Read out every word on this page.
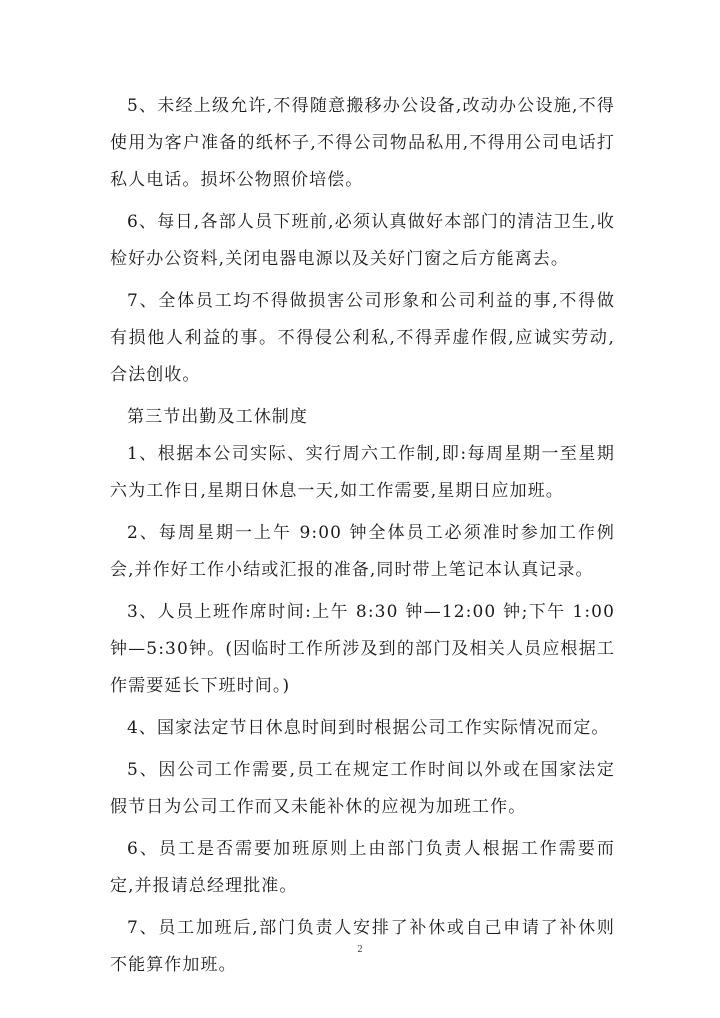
5、未经上级允许,不得随意搬移办公设备,改动办公设施,不得使用为客户准备的纸杯子,不得公司物品私用,不得用公司电话打私人电话。损坏公物照价培偿。

6、每日,各部人员下班前,必须认真做好本部门的清洁卫生,收检好办公资料,关闭电器电源以及关好门窗之后方能离去。

7、全体员工均不得做损害公司形象和公司利益的事,不得做有损他人利益的事。不得侵公利私,不得弄虚作假,应诚实劳动,合法创收。

第三节出勤及工休制度

1、根据本公司实际、实行周六工作制,即:每周星期一至星期六为工作日,星期日休息一天,如工作需要,星期日应加班。

2、每周星期一上午 9:00 钟全体员工必须准时参加工作例会,并作好工作小结或汇报的准备,同时带上笔记本认真记录。

3、人员上班作席时间:上午 8:30 钟—12:00 钟;下午 1:00 钟—5:30钟。(因临时工作所涉及到的部门及相关人员应根据工作需要延长下班时间。)

4、国家法定节日休息时间到时根据公司工作实际情况而定。

5、因公司工作需要,员工在规定工作时间以外或在国家法定假节日为公司工作而又未能补休的应视为加班工作。

6、员工是否需要加班原则上由部门负责人根据工作需要而定,并报请总经理批准。

7、员工加班后,部门负责人安排了补休或自己申请了补休则不能算作加班。

2
